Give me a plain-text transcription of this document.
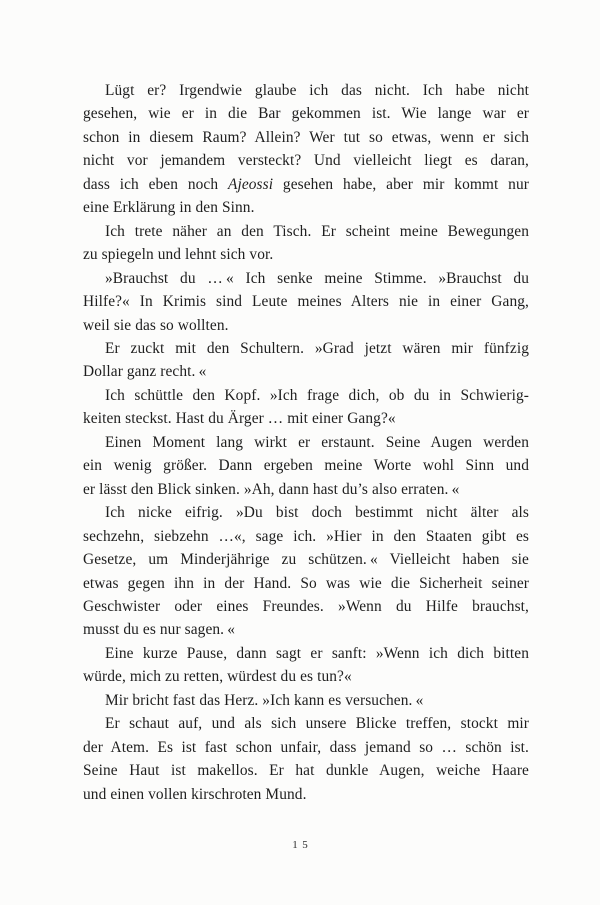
Lügt er? Irgendwie glaube ich das nicht. Ich habe nicht
gesehen, wie er in die Bar gekommen ist. Wie lange war er
schon in diesem Raum? Allein? Wer tut so etwas, wenn er sich
nicht vor jemandem versteckt? Und vielleicht liegt es daran,
dass ich eben noch Ajeossi gesehen habe, aber mir kommt nur
eine Erklärung in den Sinn.
Ich trete näher an den Tisch. Er scheint meine Bewegungen
zu spiegeln und lehnt sich vor.
»Brauchst du … « Ich senke meine Stimme. »Brauchst du
Hilfe?« In Krimis sind Leute meines Alters nie in einer Gang,
weil sie das so wollten.
Er zuckt mit den Schultern. »Grad jetzt wären mir fünfzig
Dollar ganz recht. «
Ich schüttle den Kopf. »Ich frage dich, ob du in Schwierig-
keiten steckst. Hast du Ärger … mit einer Gang?«
Einen Moment lang wirkt er erstaunt. Seine Augen werden
ein wenig größer. Dann ergeben meine Worte wohl Sinn und
er lässt den Blick sinken. »Ah, dann hast du’s also erraten. «
Ich nicke eifrig. »Du bist doch bestimmt nicht älter als
sechzehn, siebzehn …«, sage ich. »Hier in den Staaten gibt es
Gesetze, um Minderjährige zu schützen. « Vielleicht haben sie
etwas gegen ihn in der Hand. So was wie die Sicherheit seiner
Geschwister oder eines Freundes. »Wenn du Hilfe brauchst,
musst du es nur sagen. «
Eine kurze Pause, dann sagt er sanft: »Wenn ich dich bitten
würde, mich zu retten, würdest du es tun?«
Mir bricht fast das Herz. »Ich kann es versuchen. «
Er schaut auf, und als sich unsere Blicke treffen, stockt mir
der Atem. Es ist fast schon unfair, dass jemand so … schön ist.
Seine Haut ist makellos. Er hat dunkle Augen, weiche Haare
und einen vollen kirschroten Mund.
15
